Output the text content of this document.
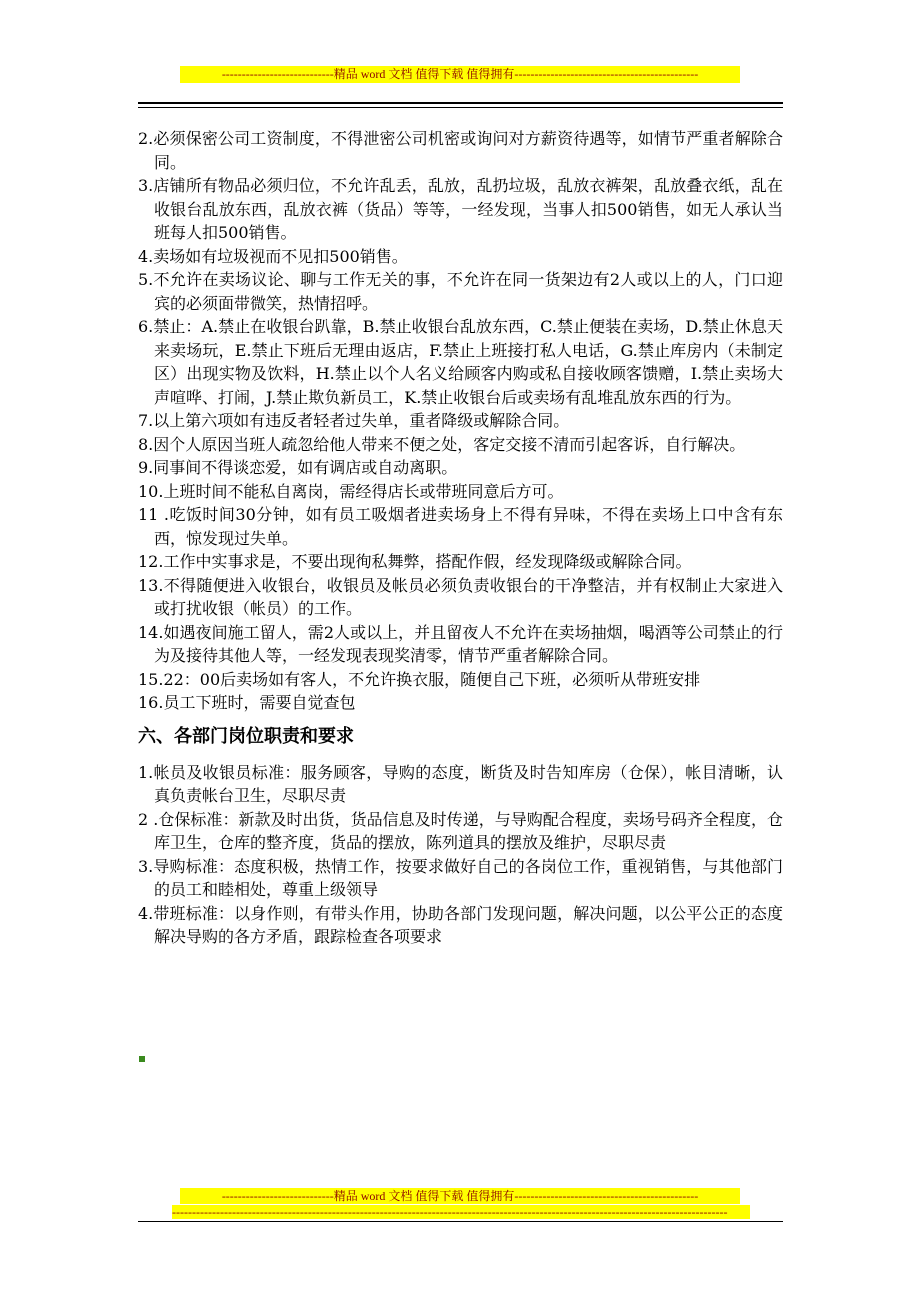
----------------------------精品 word 文档 值得下载 值得拥有----------------------------------------------

2.必须保密公司工资制度，不得泄密公司机密或询问对方薪资待遇等，如情节严重者解除合同。

3.店铺所有物品必须归位，不允许乱丢，乱放，乱扔垃圾，乱放衣裤架，乱放叠衣纸，乱在收银台乱放东西，乱放衣裤（货品）等等，一经发现，当事人扣500销售，如无人承认当班每人扣500销售。

4.卖场如有垃圾视而不见扣500销售。

5.不允许在卖场议论、聊与工作无关的事，不允许在同一货架边有2人或以上的人，门口迎宾的必须面带微笑，热情招呼。

6.禁止：A.禁止在收银台趴靠，B.禁止收银台乱放东西，C.禁止便装在卖场，D.禁止休息天来卖场玩，E.禁止下班后无理由返店，F.禁止上班接打私人电话，G.禁止库房内（未制定区）出现实物及饮料，H.禁止以个人名义给顾客内购或私自接收顾客馈赠，I.禁止卖场大声喧哗、打闹，J.禁止欺负新员工，K.禁止收银台后或卖场有乱堆乱放东西的行为。

7.以上第六项如有违反者轻者过失单，重者降级或解除合同。

8.因个人原因当班人疏忽给他人带来不便之处，客定交接不清而引起客诉，自行解决。

9.同事间不得谈恋爱，如有调店或自动离职。

10.上班时间不能私自离岗，需经得店长或带班同意后方可。

11 .吃饭时间30分钟，如有员工吸烟者进卖场身上不得有异味，不得在卖场上口中含有东西，惊发现过失单。

12.工作中实事求是，不要出现徇私舞弊，搭配作假，经发现降级或解除合同。

13.不得随便进入收银台，收银员及帐员必须负责收银台的干净整洁，并有权制止大家进入或打扰收银（帐员）的工作。

14.如遇夜间施工留人，需2人或以上，并且留夜人不允许在卖场抽烟，喝酒等公司禁止的行为及接待其他人等，一经发现表现奖清零，情节严重者解除合同。

15.22：00后卖场如有客人，不允许换衣服，随便自己下班，必须听从带班安排

16.员工下班时，需要自觉查包

六、各部门岗位职责和要求

1.帐员及收银员标准：服务顾客，导购的态度，断货及时告知库房（仓保），帐目清晰，认真负责帐台卫生，尽职尽责

2 .仓保标准：新款及时出货，货品信息及时传递，与导购配合程度，卖场号码齐全程度，仓库卫生，仓库的整齐度，货品的摆放，陈列道具的摆放及维护，尽职尽责

3.导购标准：态度积极，热情工作，按要求做好自己的各岗位工作，重视销售，与其他部门的员工和睦相处，尊重上级领导

4.带班标准：以身作则，有带头作用，协助各部门发现问题，解决问题，以公平公正的态度解决导购的各方矛盾，跟踪检查各项要求

----------------------------精品 word 文档 值得下载 值得拥有----------------------------------------------
-------------------------------------------------------------------------------------------------------------------------------------------
